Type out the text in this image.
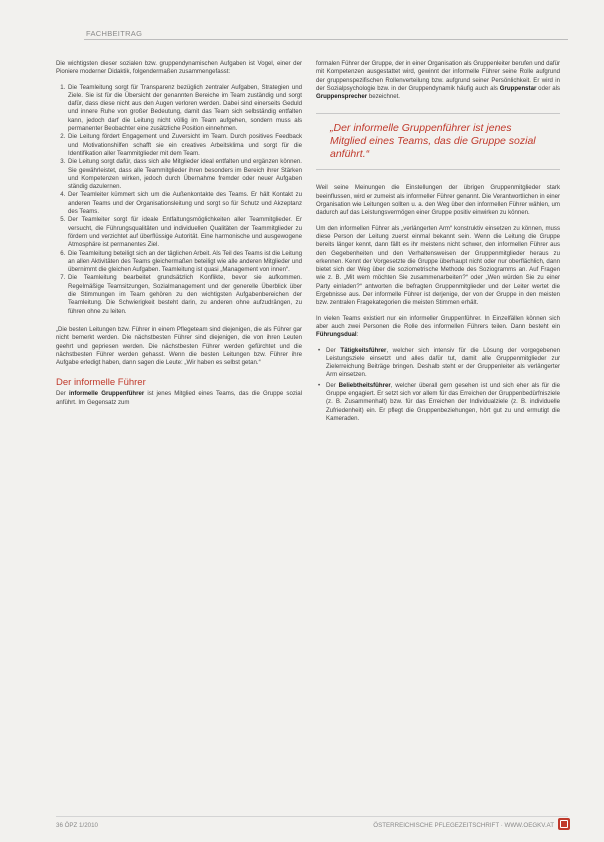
FACHBEITRAG

Die wichtigsten dieser sozialen bzw. gruppendynamischen Aufgaben ist Vogel, einer der Pioniere moderner Didaktik, folgendermaßen zusammengefasst:

1. Die Teamleitung sorgt für Transparenz bezüglich zentraler Aufgaben, Strategien und Ziele. Sie ist für die Übersicht der genannten Bereiche im Team zuständig und sorgt dafür, dass diese nicht aus den Augen verloren werden. Dabei sind einerseits Geduld und innere Ruhe von großer Bedeutung, damit das Team sich selbständig entfalten kann, jedoch darf die Leitung nicht völlig im Team aufgehen, sondern muss als permanenter Beobachter eine zusätzliche Position einnehmen.
2. Die Leitung fördert Engagement und Zuversicht im Team. Durch positives Feedback und Motivationshilfen schafft sie ein creatives Arbeitsklima und sorgt für die Identifikation aller Teammitglieder mit dem Team.
3. Die Leitung sorgt dafür, dass sich alle Mitglieder ideal entfalten und ergänzen können. Sie gewährleistet, dass alle Teammitglieder ihren besonders im Bereich ihrer Stärken und Kompetenzen wirken, jedoch durch Übernahme fremder oder neuer Aufgaben ständig dazulernen.
4. Der Teamleiter kümmert sich um die Außenkontakte des Teams. Er hält Kontakt zu anderen Teams und der Organisationsleitung und sorgt so für Schutz und Akzeptanz des Teams.
5. Der Teamleiter sorgt für ideale Entfaltungsmöglichkeiten aller Teammitglieder. Er versucht, die Führungsqualitäten und individuellen Qualitäten der Teammitglieder zu fördern und verzichtet auf überflüssige Autorität. Eine harmonische und ausgewogene Atmosphäre ist permanentes Ziel.
6. Die Teamleitung beteiligt sich an der täglichen Arbeit. Als Teil des Teams ist die Leitung an allen Aktivitäten des Teams gleichermaßen beteiligt wie alle anderen Mitglieder und übernimmt die gleichen Aufgaben. Teamleitung ist quasi „Management von innen“.
7. Die Teamleitung bearbeitet grundsätzlich Konflikte, bevor sie aufkommen. Regelmäßige Teamsitzungen, Sozialmanagement und der generelle Überblick über die Stimmungen im Team gehören zu den wichtigsten Aufgabenbereichen der Teamleitung. Die Schwierigkeit besteht darin, zu anderen ohne aufzudrängen, zu führen ohne zu leiten.

„Die besten Leitungen bzw. Führer in einem Pflegeteam sind diejenigen, die als Führer gar nicht bemerkt werden. Die nächstbesten Führer sind diejenigen, die von ihren Leuten geehrt und gepriesen werden. Die nächstbesten Führer werden gefürchtet und die nächstbesten Führer werden gehasst. Wenn die besten Leitungen bzw. Führer ihre Aufgabe erledigt haben, dann sagen die Leute: „Wir haben es selbst getan.“

Der informelle Führer

Der informelle Gruppenführer ist jenes Mitglied eines Teams, das die Gruppe sozial anführt. Im Gegensatz zum

formalen Führer der Gruppe, der in einer Organisation als Gruppenleiter berufen und dafür mit Kompetenzen ausgestattet wird, gewinnt der informelle Führer seine Rolle aufgrund der gruppenspezifischen Rollenverteilung bzw. aufgrund seiner Persönlichkeit. Er wird in der Sozialpsychologie bzw. in der Gruppendynamik häufig auch als Gruppenstar oder als Gruppensprecher bezeichnet.

„Der informelle Gruppenführer ist jenes Mitglied eines Teams, das die Gruppe sozial anführt.“

Weil seine Meinungen die Einstellungen der übrigen Gruppenmitglieder stark beeinflussen, wird er zumeist als informeller Führer genannt. Die Verantwortlichen in einer Organisation wie Leitungen sollten u. a. den Weg über den informellen Führer wählen, um dadurch auf das Leistungsvermögen einer Gruppe positiv einwirken zu können.

Um den informellen Führer als „verlängerten Arm“ konstruktiv einsetzen zu können, muss diese Person der Leitung zuerst einmal bekannt sein. Wenn die Leitung die Gruppe bereits länger kennt, dann fällt es ihr meistens nicht schwer, den informellen Führer aus den Gegebenheiten und den Verhaltensweisen der Gruppenmitglieder heraus zu erkennen. Kennt der Vorgesetzte die Gruppe überhaupt nicht oder nur oberflächlich, dann bietet sich der Weg über die soziometrische Methode des Soziogramms an. Auf Fragen wie z. B. „Mit wem möchten Sie zusammenarbeiten?“ oder „Wen würden Sie zu einer Party einladen?“ antworten die befragten Gruppenmitglieder und der Leiter wertet die Ergebnisse aus. Der informelle Führer ist derjenige, der von der Gruppe in den meisten bzw. zentralen Fragekategorien die meisten Stimmen erhält.

In vielen Teams existiert nur ein informeller Gruppenführer. In Einzelfällen können sich aber auch zwei Personen die Rolle des informellen Führers teilen. Dann besteht ein Führungsdual:

• Der Tätigkeitsführer, welcher sich intensiv für die Lösung der vorgegebenen Leistungsziele einsetzt und alles dafür tut, damit alle Gruppenmitglieder zur Zielerreichung Beiträge bringen. Deshalb steht er der Gruppenleiter als verlängerter Arm einsetzen.
• Der Beliebtheitsführer, welcher überall gern gesehen ist und sich eher als für die Gruppe engagiert. Er setzt sich vor allem für das Erreichen der Gruppenbedürfnisziele (z. B. Zusammenhalt) bzw. für das Erreichen der Individualziele (z. B. individuelle Zufriedenheit) ein. Er pflegt die Gruppenbeziehungen, hört gut zu und ermutigt die Kameraden.
36 ÖPZ 1/2010	ÖSTERREICHISCHE PFLEGEZEITSCHRIFT · WWW.OEGKV.AT
